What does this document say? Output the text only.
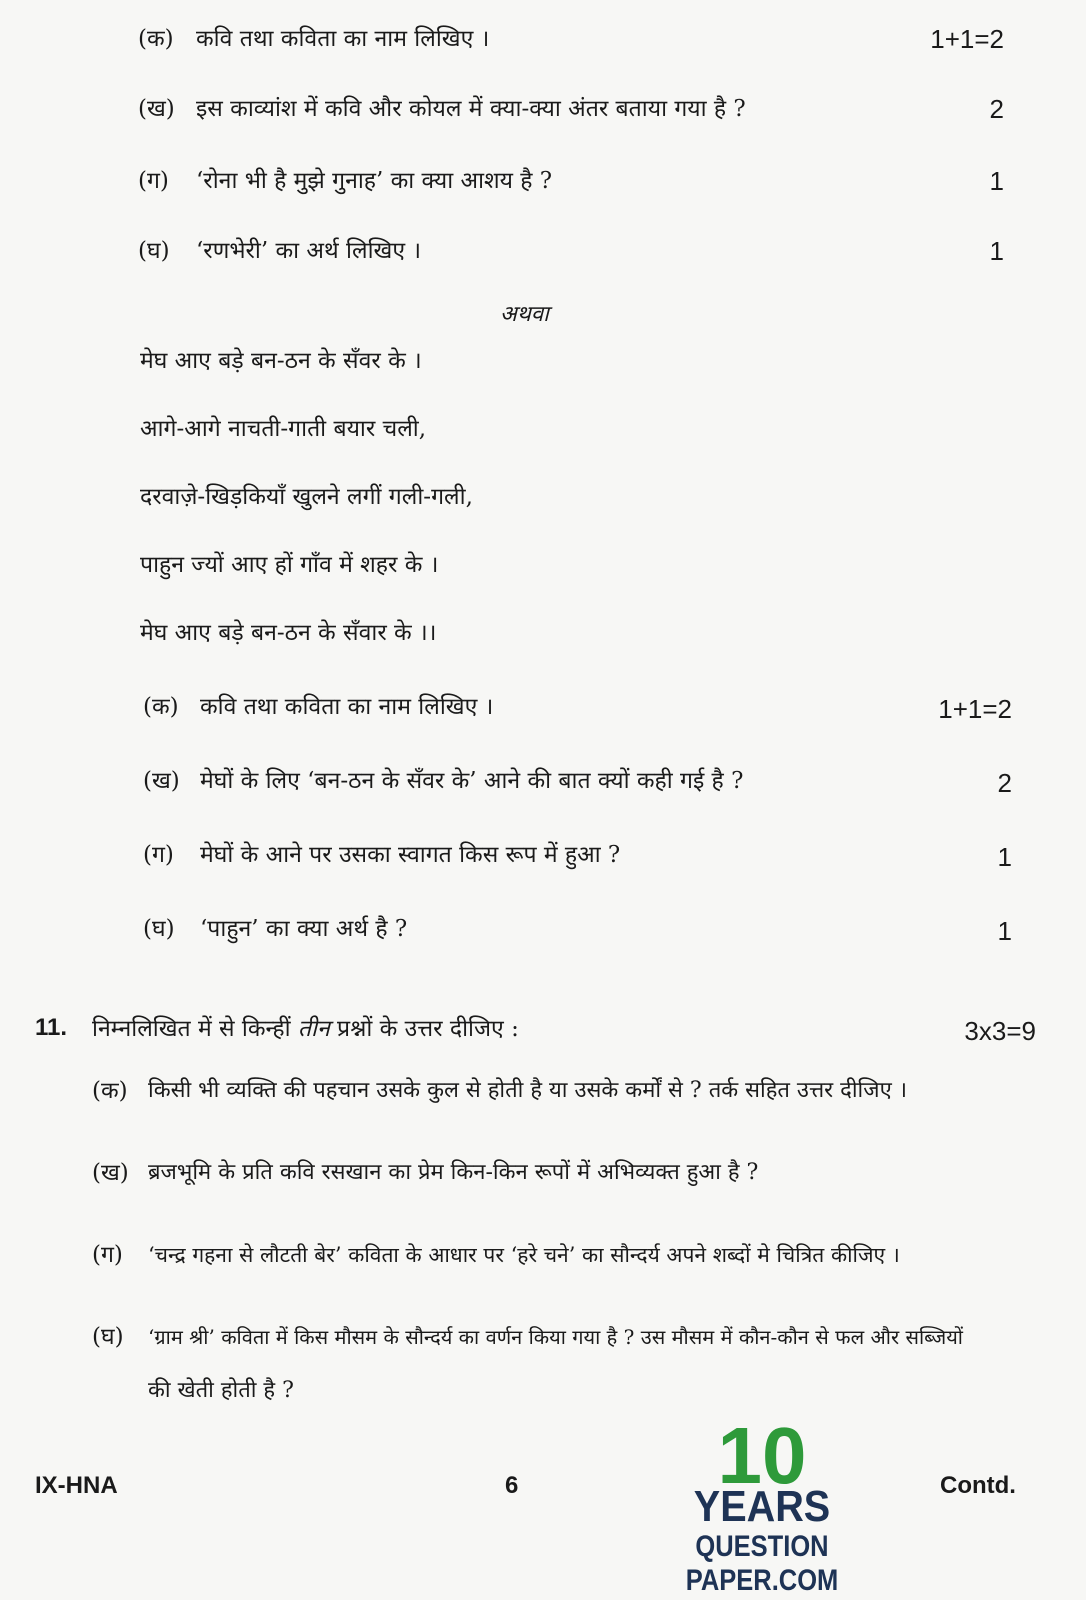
(क) कवि तथा कविता का नाम लिखिए ।	1+1=2
(ख) इस काव्यांश में कवि और कोयल में क्या-क्या अंतर बताया गया है ?	2
(ग) ‘रोना भी है मुझे गुनाह’ का क्या आशय है ?	1
(घ) ‘रणभेरी’ का अर्थ लिखिए ।	1
अथवा
मेघ आए बड़े बन-ठन के सँवर के ।
आगे-आगे नाचती-गाती बयार चली,
दरवाज़े-खिड़कियाँ खुलने लगीं गली-गली,
पाहुन ज्यों आए हों गाँव में शहर के ।
मेघ आए बड़े बन-ठन के सँवार के ।।
(क) कवि तथा कविता का नाम लिखिए ।	1+1=2
(ख) मेघों के लिए ‘बन-ठन के सँवर के’ आने की बात क्यों कही गई है ?	2
(ग) मेघों के आने पर उसका स्वागत किस रूप में हुआ ?	1
(घ) ‘पाहुन’ का क्या अर्थ है ?	1
11. निम्नलिखित में से किन्हीं तीन प्रश्नों के उत्तर दीजिए :	3x3=9
(क) किसी भी व्यक्ति की पहचान उसके कुल से होती है या उसके कर्मों से ? तर्क सहित उत्तर दीजिए ।
(ख) ब्रजभूमि के प्रति कवि रसखान का प्रेम किन-किन रूपों में अभिव्यक्त हुआ है ?
(ग) ‘चन्द्र गहना से लौटती बेर’ कविता के आधार पर ‘हरे चने’ का सौन्दर्य अपने शब्दों मे चित्रित कीजिए ।
(घ) ‘ग्राम श्री’ कविता में किस मौसम के सौन्दर्य का वर्णन किया गया है ? उस मौसम में कौन-कौन से फल और सब्जियों
की खेती होती है ?
IX-HNA	6	Contd.
10
YEARS
QUESTION PAPER.COM
